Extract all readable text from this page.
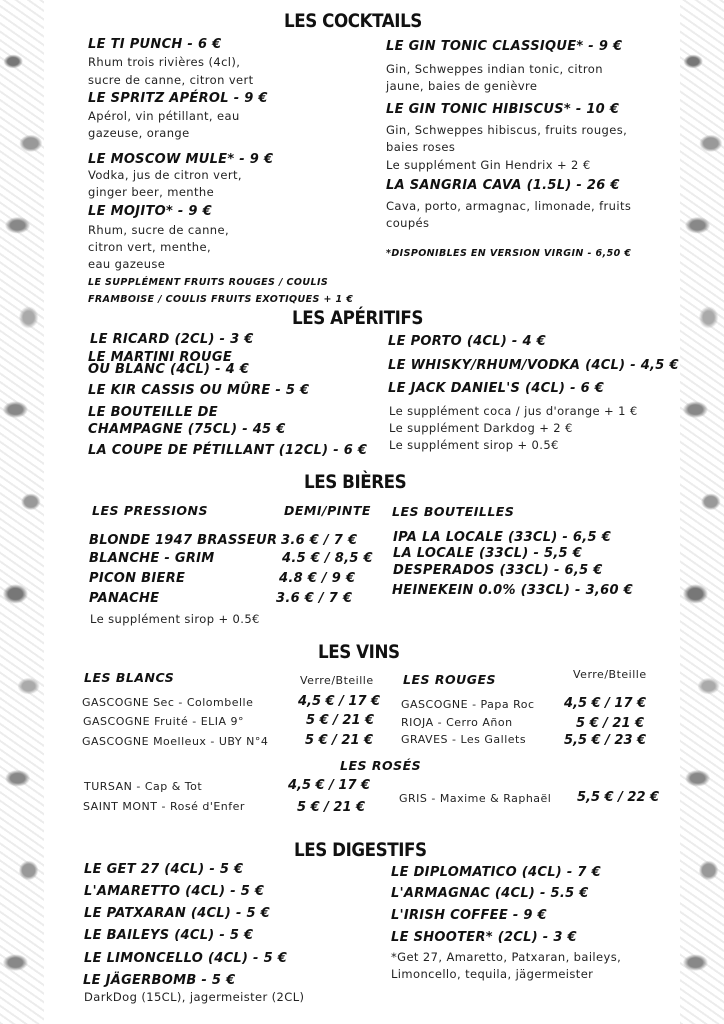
LES COCKTAILS
LE TI PUNCH - 6 €
Rhum trois rivières (4cl),
sucre de canne, citron vert
LE SPRITZ APÉROL - 9 €
Apérol, vin pétillant, eau
gazeuse, orange
LE MOSCOW MULE* - 9 €
Vodka, jus de citron vert,
ginger beer, menthe
LE MOJITO* - 9 €
Rhum, sucre de canne,
citron vert, menthe,
eau gazeuse
LE SUPPLÉMENT FRUITS ROUGES / COULIS
FRAMBOISE / COULIS FRUITS EXOTIQUES + 1 €
LE GIN TONIC CLASSIQUE* - 9 €
Gin, Schweppes indian tonic, citron
jaune, baies de genièvre
LE GIN TONIC HIBISCUS* - 10 €
Gin, Schweppes hibiscus, fruits rouges,
baies roses
Le supplément Gin Hendrix + 2 €
LA SANGRIA CAVA (1.5L) - 26 €
Cava, porto, armagnac, limonade, fruits
coupés
*DISPONIBLES EN VERSION VIRGIN - 6,50 €
LES APÉRITIFS
LE RICARD (2CL) - 3 €
LE MARTINI ROUGE
OU BLANC (4CL) - 4 €
LE KIR CASSIS OU MÛRE - 5 €
LE BOUTEILLE DE
CHAMPAGNE (75CL) - 45 €
LA COUPE DE PÉTILLANT (12CL) - 6 €
LE PORTO (4CL) - 4 €
LE WHISKY/RHUM/VODKA (4CL) - 4,5 €
LE JACK DANIEL'S (4CL) - 6 €
Le supplément coca / jus d'orange + 1 €
Le supplément Darkdog + 2 €
Le supplément sirop + 0.5€
LES BIÈRES
LES PRESSIONS	DEMI/PINTE LES BOUTEILLES
BLONDE 1947 BRASSEUR 3.6 € / 7 €
BLANCHE - GRIM	4.5 € / 8,5 €
PICON BIERE	4.8 € / 9 €
PANACHE	3.6 € / 7 €
Le supplément sirop + 0.5€
IPA LA LOCALE (33CL) - 6,5 €
LA LOCALE (33CL) - 5,5 €
DESPERADOS (33CL) - 6,5 €
HEINEKEIN 0.0% (33CL) - 3,60 €
LES VINS
LES BLANCS	Verre/Bteille LES ROUGES	Verre/Bteille
GASCOGNE Sec - Colombelle	4,5 € / 17 €
GASCOGNE Fruité - ELIA 9°	5 € / 21 €
GASCOGNE Moelleux - UBY N°4	5 € / 21 €
GASCOGNE - Papa Roc 4,5 € / 17 €
RIOJA - Cerro Añon	5 € / 21 €
GRAVES - Les Gallets	5,5 € / 23 €
LES ROSÉS
TURSAN - Cap & Tot	4,5 € / 17 €
SAINT MONT - Rosé d'Enfer	5 € / 21 €
GRIS - Maxime & Raphaël 5,5 € / 22 €
LES DIGESTIFS
LE GET 27 (4CL) - 5 €
L'AMARETTO (4CL) - 5 €
LE PATXARAN (4CL) - 5 €
LE BAILEYS (4CL) - 5 €
LE LIMONCELLO (4CL) - 5 €
LE JÄGERBOMB - 5 €
DarkDog (15CL), jagermeister (2CL)
LE DIPLOMATICO (4CL) - 7 €
L'ARMAGNAC (4CL) - 5.5 €
L'IRISH COFFEE - 9 €
LE SHOOTER* (2CL) - 3 €
*Get 27, Amaretto, Patxaran, baileys,
Limoncello, tequila, jägermeister
